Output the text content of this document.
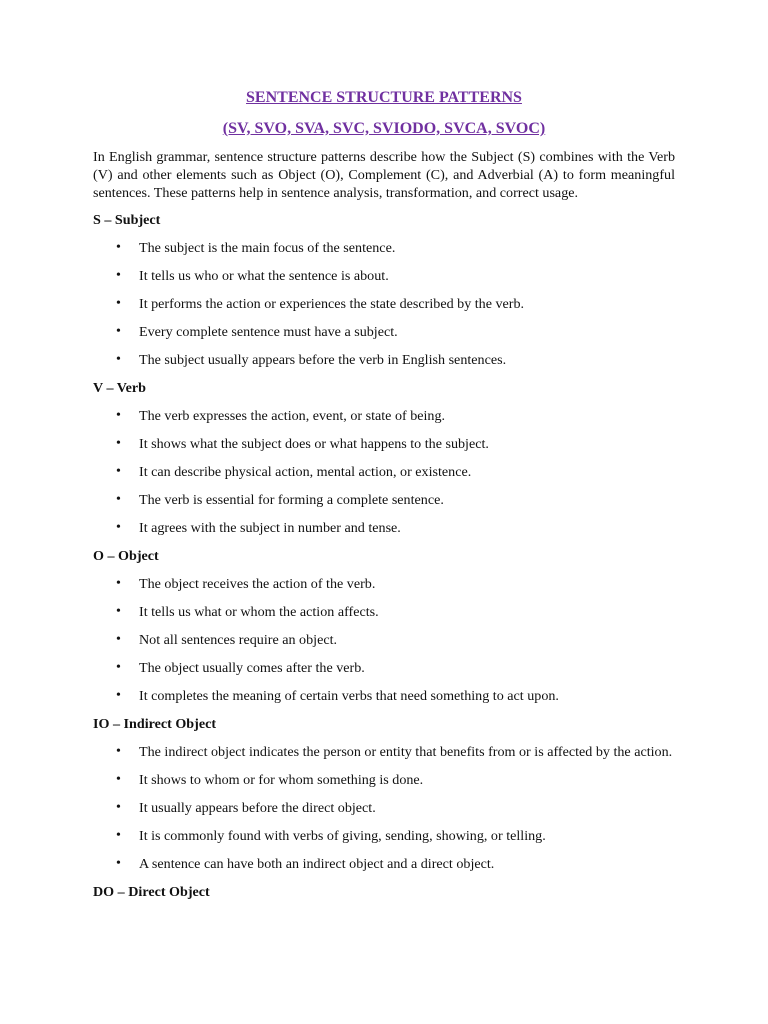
SENTENCE STRUCTURE PATTERNS

(SV, SVO, SVA, SVC, SVIODO, SVCA, SVOC)

In English grammar, sentence structure patterns describe how the Subject (S) combines with the Verb (V) and other elements such as Object (O), Complement (C), and Adverbial (A) to form meaningful sentences. These patterns help in sentence analysis, transformation, and correct usage.

S – Subject

• The subject is the main focus of the sentence.
• It tells us who or what the sentence is about.
• It performs the action or experiences the state described by the verb.
• Every complete sentence must have a subject.
• The subject usually appears before the verb in English sentences.

V – Verb

• The verb expresses the action, event, or state of being.
• It shows what the subject does or what happens to the subject.
• It can describe physical action, mental action, or existence.
• The verb is essential for forming a complete sentence.
• It agrees with the subject in number and tense.

O – Object

• The object receives the action of the verb.
• It tells us what or whom the action affects.
• Not all sentences require an object.
• The object usually comes after the verb.
• It completes the meaning of certain verbs that need something to act upon.

IO – Indirect Object

• The indirect object indicates the person or entity that benefits from or is affected by the action.
• It shows to whom or for whom something is done.
• It usually appears before the direct object.
• It is commonly found with verbs of giving, sending, showing, or telling.
• A sentence can have both an indirect object and a direct object.

DO – Direct Object
